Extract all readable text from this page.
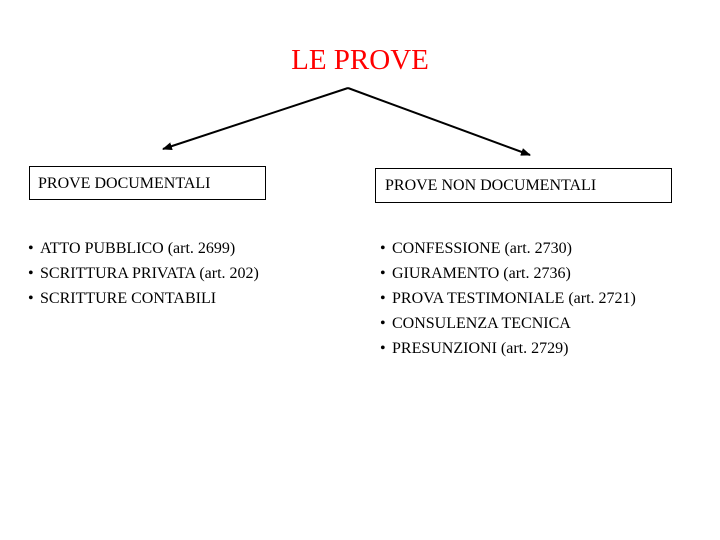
LE PROVE
PROVE DOCUMENTALI	PROVE NON DOCUMENTALI
• ATTO PUBBLICO (art. 2699)
• SCRITTURA PRIVATA (art. 202)
• SCRITTURE CONTABILI
• CONFESSIONE (art. 2730)
• GIURAMENTO (art. 2736)
• PROVA TESTIMONIALE (art. 2721)
• CONSULENZA TECNICA
• PRESUNZIONI (art. 2729)
